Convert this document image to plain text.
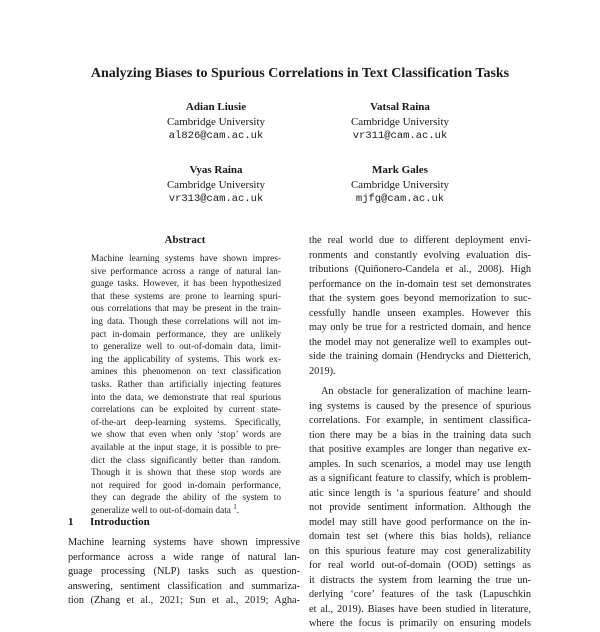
Analyzing Biases to Spurious Correlations in Text Classification Tasks
Adian Liusie
Cambridge University
al826@cam.ac.uk
Vatsal Raina
Cambridge University
vr311@cam.ac.uk
Vyas Raina
Cambridge University
vr313@cam.ac.uk
Mark Gales
Cambridge University
mjfg@cam.ac.uk
Abstract
Machine learning systems have shown impres-
sive performance across a range of natural lan-
guage tasks. However, it has been hypothesized
that these systems are prone to learning spuri-
ous correlations that may be present in the train-
ing data. Though these correlations will not im-
pact in-domain performance, they are unlikely
to generalize well to out-of-domain data, limit-
ing the applicability of systems. This work ex-
amines this phenomenon on text classification
tasks. Rather than artificially injecting features
into the data, we demonstrate that real spurious
correlations can be exploited by current state-
of-the-art deep-learning systems. Specifically,
we show that even when only ‘stop’ words are
available at the input stage, it is possible to pre-
dict the class significantly better than random.
Though it is shown that these stop words are
not required for good in-domain performance,
they can degrade the ability of the system to
generalize well to out-of-domain data $^1$.
1 Introduction
Machine learning systems have shown impressive
performance across a wide range of natural lan-
guage processing (NLP) tasks such as question-
answering, sentiment classification and summariza-
tion (Zhang et al., 2021; Sun et al., 2019; Agha-
the real world due to different deployment envi-
ronments and constantly evolving evaluation dis-
tributions (Quiñonero-Candela et al., 2008). High
performance on the in-domain test set demonstrates
that the system goes beyond memorization to suc-
cessfully handle unseen examples. However this
may only be true for a restricted domain, and hence
the model may not generalize well to examples out-
side the training domain (Hendrycks and Dietterich,
2019).
An obstacle for generalization of machine learn-
ing systems is caused by the presence of spurious
correlations. For example, in sentiment classifica-
tion there may be a bias in the training data such
that positive examples are longer than negative ex-
amples. In such scenarios, a model may use length
as a significant feature to classify, which is problem-
atic since length is ‘a spurious feature’ and should
not provide sentiment information. Although the
model may still have good performance on the in-
domain test set (where this bias holds), reliance
on this spurious feature may cost generalizability
for real world out-of-domain (OOD) settings as
it distracts the system from learning the true un-
derlying ‘core’ features of the task (Lapuschkin
et al., 2019). Biases have been studied in literature,
where the focus is primarily on ensuring models
